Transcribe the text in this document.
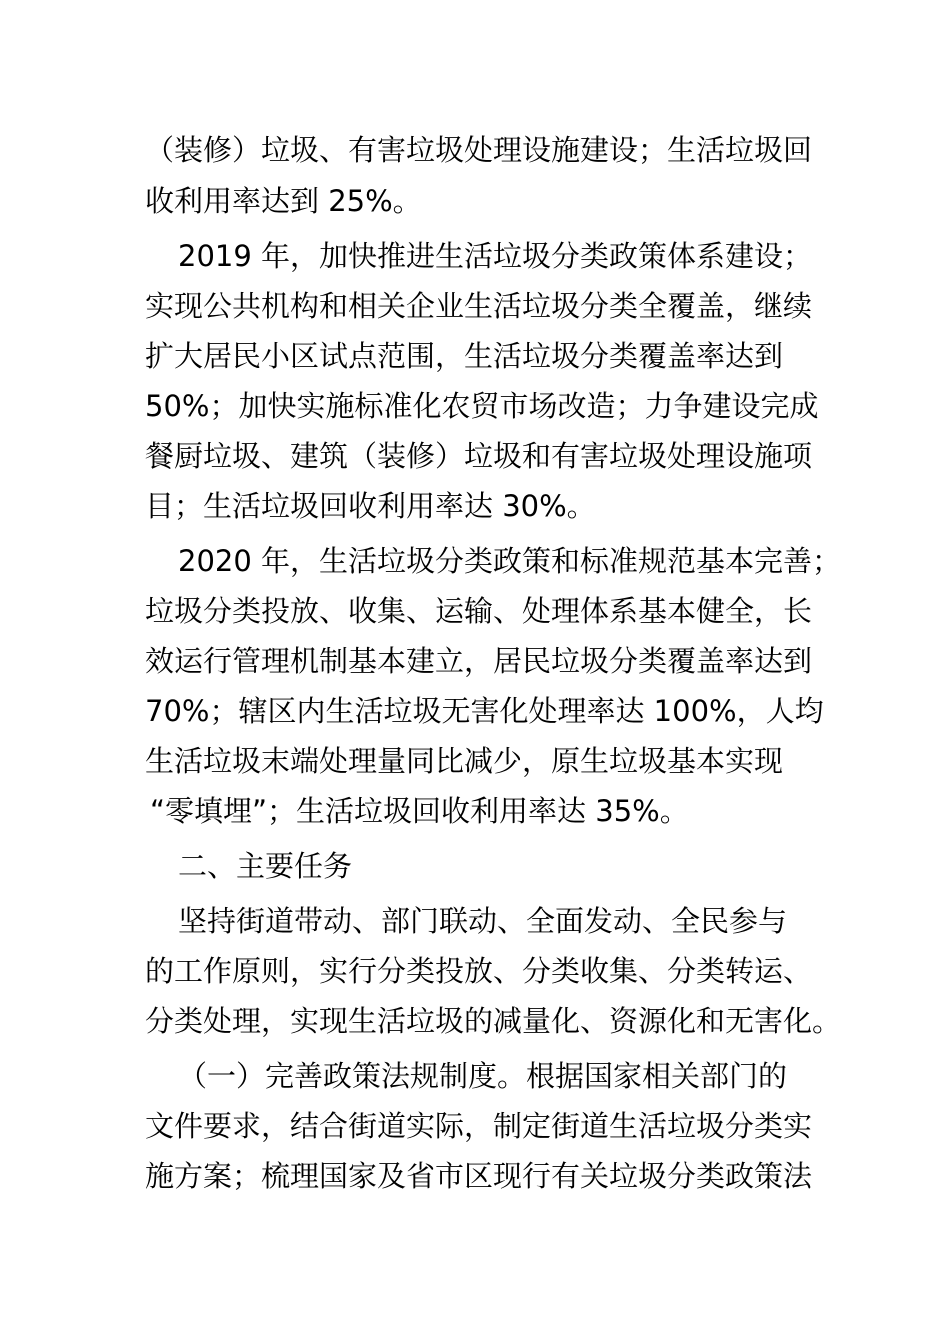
（装修）垃圾、有害垃圾处理设施建设；生活垃圾回
收利用率达到 25%。
2019 年，加快推进生活垃圾分类政策体系建设；
实现公共机构和相关企业生活垃圾分类全覆盖，继续
扩大居民小区试点范围，生活垃圾分类覆盖率达到
50%；加快实施标准化农贸市场改造；力争建设完成
餐厨垃圾、建筑（装修）垃圾和有害垃圾处理设施项
目；生活垃圾回收利用率达 30%。
2020 年，生活垃圾分类政策和标准规范基本完善；
垃圾分类投放、收集、运输、处理体系基本健全，长
效运行管理机制基本建立，居民垃圾分类覆盖率达到
70%；辖区内生活垃圾无害化处理率达 100%，人均
生活垃圾末端处理量同比减少，原生垃圾基本实现
“零填埋”；生活垃圾回收利用率达 35%。
二、主要任务
坚持街道带动、部门联动、全面发动、全民参与
的工作原则，实行分类投放、分类收集、分类转运、
分类处理，实现生活垃圾的减量化、资源化和无害化。
（一）完善政策法规制度。根据国家相关部门的
文件要求，结合街道实际，制定街道生活垃圾分类实
施方案；梳理国家及省市区现行有关垃圾分类政策法
